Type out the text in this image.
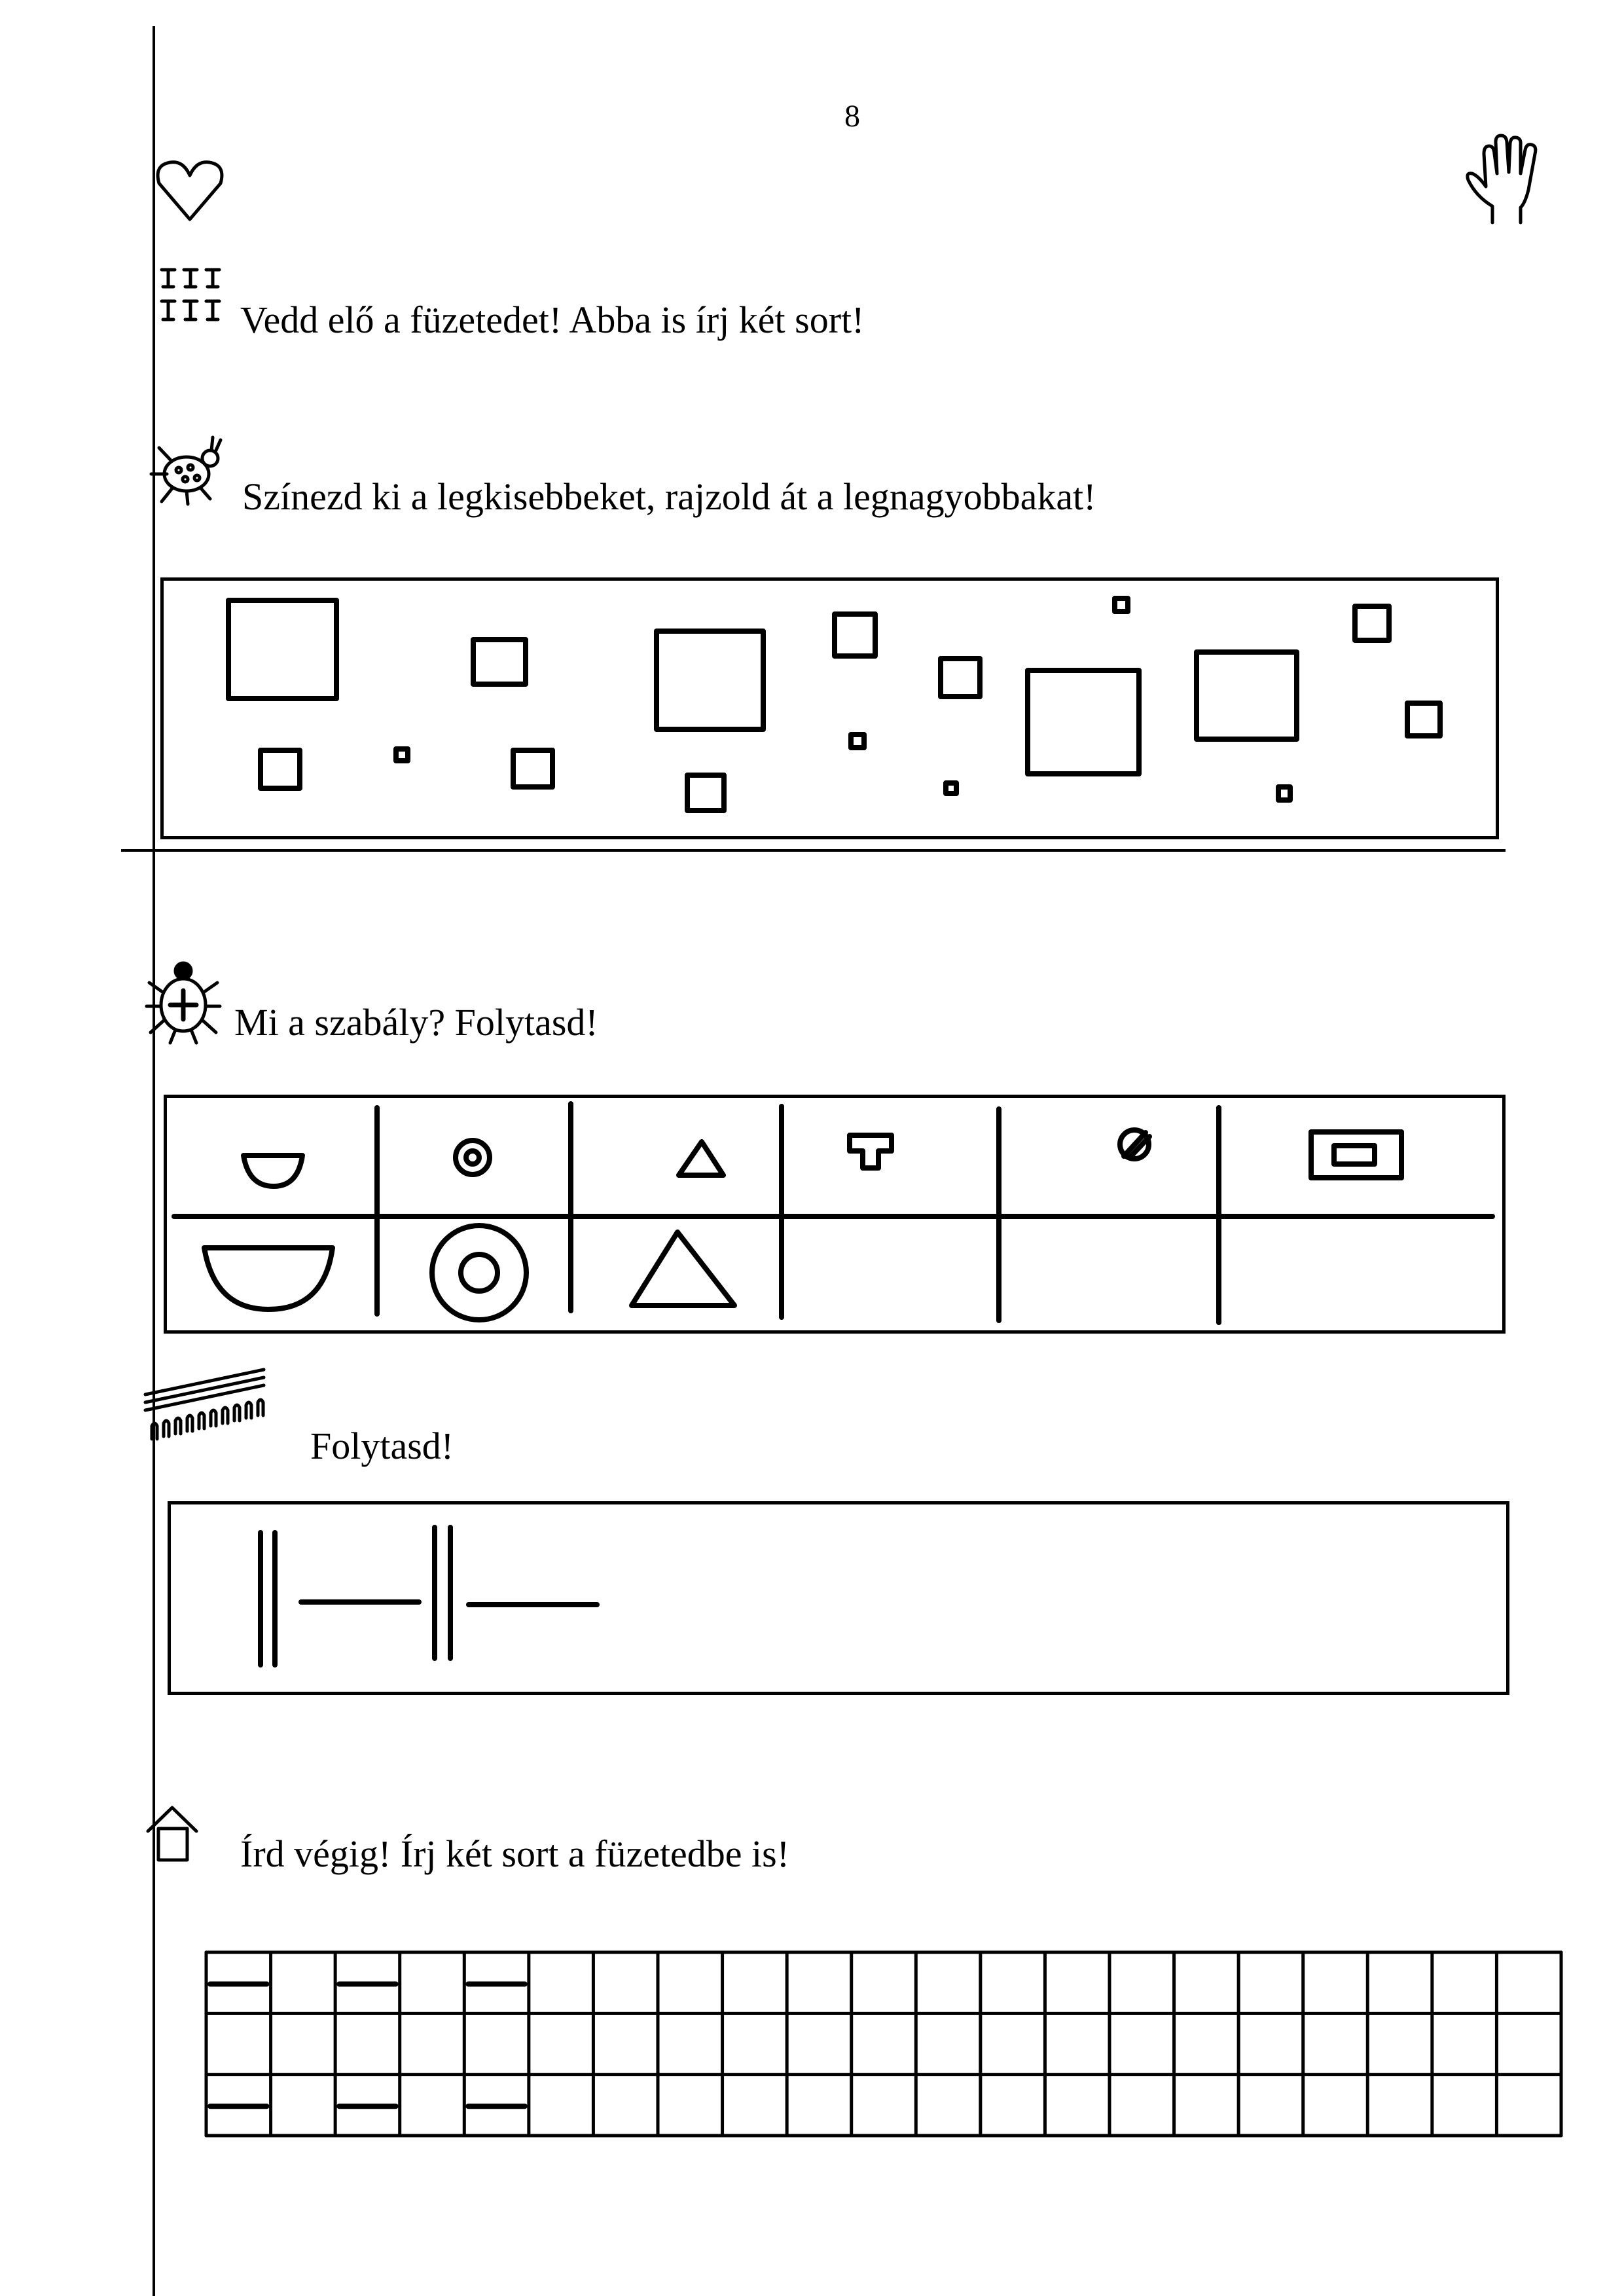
8
Vedd elő a füzetedet! Abba is írj két sort!
Színezd ki a legkisebbeket, rajzold át a legnagyobbakat!
Mi a szabály? Folytasd!
Folytasd!
Írd végig! Írj két sort a füzetedbe is!
